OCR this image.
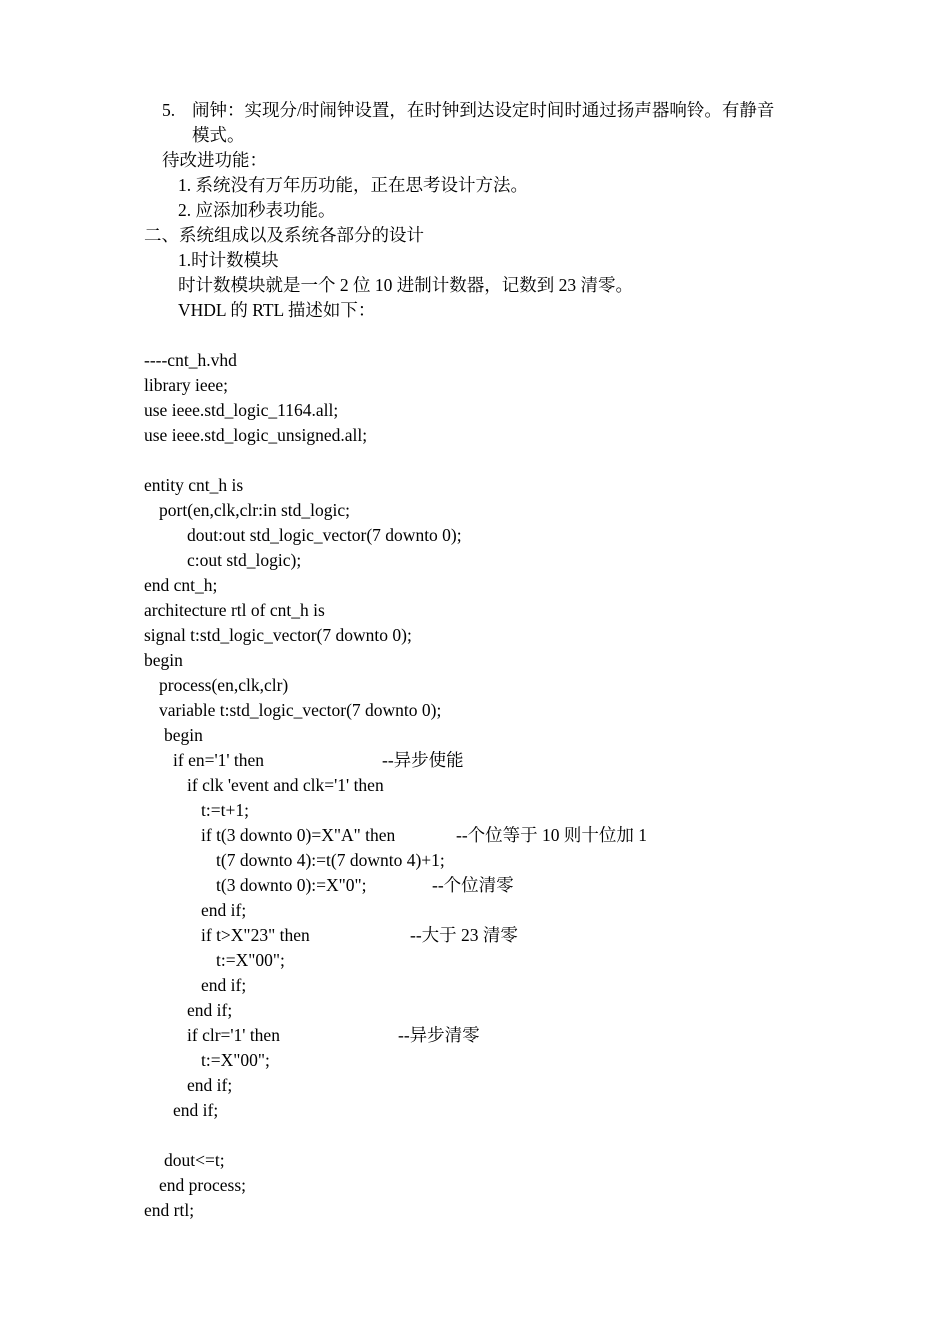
5. 闹钟：实现分/时闹钟设置，在时钟到达设定时间时通过扬声器响铃。有静音
模式。
待改进功能：
1. 系统没有万年历功能，正在思考设计方法。
2. 应添加秒表功能。
二、系统组成以及系统各部分的设计
1.时计数模块
时计数模块就是一个 2 位 10 进制计数器，记数到 23 清零。
VHDL 的 RTL 描述如下：
----cnt_h.vhd
library ieee;
use ieee.std_logic_1164.all;
use ieee.std_logic_unsigned.all;
entity cnt_h is
port(en,clk,clr:in std_logic;
dout:out std_logic_vector(7 downto 0);
c:out std_logic);
end cnt_h;
architecture rtl of cnt_h is
signal t:std_logic_vector(7 downto 0);
begin
process(en,clk,clr)
variable t:std_logic_vector(7 downto 0);
begin
if en='1' then	--异步使能
if clk 'event and clk='1' then
t:=t+1;
if t(3 downto 0)=X"A" then	--个位等于 10 则十位加 1
t(7 downto 4):=t(7 downto 4)+1;
t(3 downto 0):=X"0";	--个位清零
end if;
if t>X"23" then	--大于 23 清零
t:=X"00";
end if;
end if;
if clr='1' then	--异步清零
t:=X"00";
end if;
end if;
dout<=t;
end process;
end rtl;
